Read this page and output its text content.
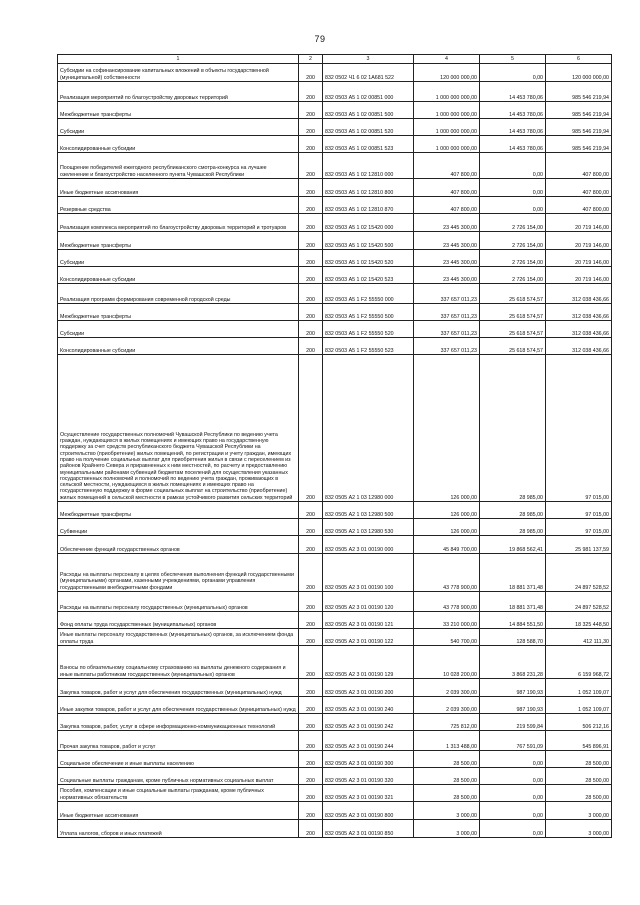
79
1	2	3	4	5	6
Субсидии на софинансирование капитальных вложений в объекты государственной (муниципальной) собственности	200	832 0502 Ч1 6 02 1А681 522	120 000 000,00	0,00	120 000 000,00
Реализация мероприятий по благоустройству дворовых территорий	200	832 0503 А5 1 02 00851 000	1 000 000 000,00	14 453 780,06	985 546 219,94
Межбюджетные трансферты	200	832 0503 А5 1 02 00851 500	1 000 000 000,00	14 453 780,06	985 546 219,94
Субсидии	200	832 0503 А5 1 02 00851 520	1 000 000 000,00	14 453 780,06	985 546 219,94
Консолидированные субсидии	200	832 0503 А5 1 02 00851 523	1 000 000 000,00	14 453 780,06	985 546 219,94
Поощрение победителей ежегодного республиканского смотра-конкурса на лучшее озеленение и благоустройство населенного пункта Чувашской Республики	200	832 0503 А5 1 02 12810 000	407 800,00	0,00	407 800,00
Иные бюджетные ассигнования	200	832 0503 А5 1 02 12810 800	407 800,00	0,00	407 800,00
Резервные средства	200	832 0503 А5 1 02 12810 870	407 800,00	0,00	407 800,00
Реализация комплекса мероприятий по благоустройству дворовых территорий и тротуаров	200	832 0503 А5 1 02 15420 000	23 445 300,00	2 726 154,00	20 719 146,00
Межбюджетные трансферты	200	832 0503 А5 1 02 15420 500	23 445 300,00	2 726 154,00	20 719 146,00
Субсидии	200	832 0503 А5 1 02 15420 520	23 445 300,00	2 726 154,00	20 719 146,00
Консолидированные субсидии	200	832 0503 А5 1 02 15420 523	23 445 300,00	2 726 154,00	20 719 146,00
Реализация программ формирования современной городской среды	200	832 0503 А5 1 F2 55550 000	337 657 011,23	25 618 574,57	312 038 436,66
Межбюджетные трансферты	200	832 0503 А5 1 F2 55550 500	337 657 011,23	25 618 574,57	312 038 436,66
Субсидии	200	832 0503 А5 1 F2 55550 520	337 657 011,23	25 618 574,57	312 038 436,66
Консолидированные субсидии	200	832 0503 А5 1 F2 55550 523	337 657 011,23	25 618 574,57	312 038 436,66
Осуществление государственных полномочий Чувашской Республики по ведению учета граждан, нуждающихся в жилых помещениях и имеющих право на государственную поддержку за счет средств республиканского бюджета Чувашской Республики на строительство (приобретение) жилых помещений, по регистрации и учету граждан, имеющих право на получение социальных выплат для приобретения жилья в связи с переселением из районов Крайнего Севера и приравненных к ним местностей, по расчету и предоставлению муниципальными районами субвенций бюджетам поселений для осуществления указанных государственных полномочий и полномочий по ведению учета граждан, проживающих в сельской местности, нуждающихся в жилых помещениях и имеющих право на государственную поддержку в форме социальных выплат на строительство (приобретение) жилых помещений в сельской местности в рамках устойчивого развития сельских территорий	200	832 0505 А2 1 03 12980 000	126 000,00	28 985,00	97 015,00
Межбюджетные трансферты	200	832 0505 А2 1 03 12980 500	126 000,00	28 985,00	97 015,00
Субвенции	200	832 0505 А2 1 03 12980 530	126 000,00	28 985,00	97 015,00
Обеспечение функций государственных органов	200	832 0505 А2 3 01 00190 000	45 849 700,00	19 868 562,41	25 981 137,59
Расходы на выплаты персоналу в целях обеспечения выполнения функций государственными (муниципальными) органами, казенными учреждениями, органами управления государственными внебюджетными фондами	200	832 0505 А2 3 01 00190 100	43 778 900,00	18 881 371,48	24 897 528,52
Расходы на выплаты персоналу государственных (муниципальных) органов	200	832 0505 А2 3 01 00190 120	43 778 900,00	18 881 371,48	24 897 528,52
Фонд оплаты труда государственных (муниципальных) органов	200	832 0505 А2 3 01 00190 121	33 210 000,00	14 884 551,50	18 325 448,50
Иные выплаты персоналу государственных (муниципальных) органов, за исключением фонда оплаты труда	200	832 0505 А2 3 01 00190 122	540 700,00	128 588,70	412 111,30
Взносы по обязательному социальному страхованию на выплаты денежного содержания и иные выплаты работникам государственных (муниципальных) органов	200	832 0505 А2 3 01 00190 129	10 028 200,00	3 868 231,28	6 159 968,72
Закупка товаров, работ и услуг для обеспечения государственных (муниципальных) нужд	200	832 0505 А2 3 01 00190 200	2 039 300,00	987 190,93	1 052 109,07
Иные закупки товаров, работ и услуг для обеспечения государственных (муниципальных) нужд	200	832 0505 А2 3 01 00190 240	2 039 300,00	987 190,93	1 052 109,07
Закупка товаров, работ, услуг в сфере информационно-коммуникационных технологий	200	832 0505 А2 3 01 00190 242	725 812,00	219 599,84	506 212,16
Прочая закупка товаров, работ и услуг	200	832 0505 А2 3 01 00190 244	1 313 488,00	767 591,09	545 896,91
Социальное обеспечение и иные выплаты населению	200	832 0505 А2 3 01 00190 300	28 500,00	0,00	28 500,00
Социальные выплаты гражданам, кроме публичных нормативных социальных выплат	200	832 0505 А2 3 01 00190 320	28 500,00	0,00	28 500,00
Пособия, компенсации и иные социальные выплаты гражданам, кроме публичных нормативных обязательств	200	832 0505 А2 3 01 00190 321	28 500,00	0,00	28 500,00
Иные бюджетные ассигнования	200	832 0505 А2 3 01 00190 800	3 000,00	0,00	3 000,00
Уплата налогов, сборов и иных платежей	200	832 0505 А2 3 01 00190 850	3 000,00	0,00	3 000,00
